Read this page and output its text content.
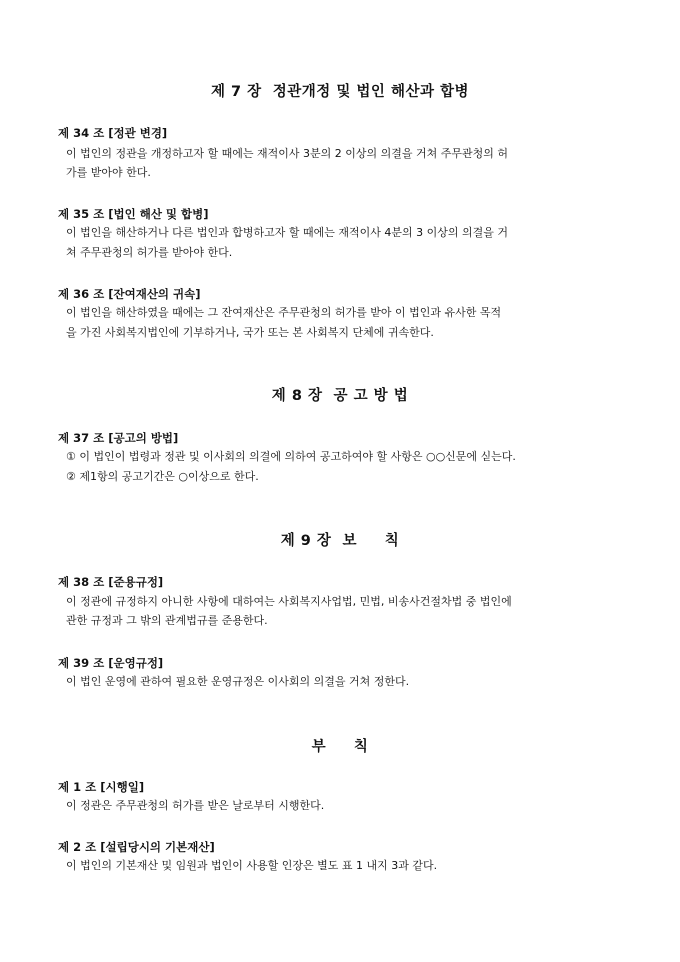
제 7 장  정관개정 및 법인 해산과 합병
제 34 조 [정관 변경]
이 법인의 정관을 개정하고자 할 때에는 재적이사 3분의 2 이상의 의결을 거쳐 주무관청의 허
가를 받아야 한다.
제 35 조 [법인 해산 및 합병]
이 법인을 해산하거나 다른 법인과 합병하고자 할 때에는 재적이사 4분의 3 이상의 의결을 거
쳐 주무관청의 허가를 받아야 한다.
제 36 조 [잔여재산의 귀속]
이 법인을 해산하였을 때에는 그 잔여재산은 주무관청의 허가를 받아 이 법인과 유사한 목적
을 가진 사회복지법인에 기부하거나, 국가 또는 본 사회복지 단체에 귀속한다.
제 8 장  공 고 방 법
제 37 조 [공고의 방법]
① 이 법인이 법령과 정관 및 이사회의 의결에 의하여 공고하여야 할 사항은 ○○신문에 싣는다.
② 제1항의 공고기간은 ○이상으로 한다.
제 9 장  보     칙
제 38 조 [준용규정]
이 정관에 규정하지 아니한 사항에 대하여는 사회복지사업법, 민법, 비송사건절차법 중 법인에
관한 규정과 그 밖의 관계법규를 준용한다.
제 39 조 [운영규정]
이 법인 운영에 관하여 필요한 운영규정은 이사회의 의결을 거쳐 정한다.
부     칙
제 1 조 [시행일]
이 정관은 주무관청의 허가를 받은 날로부터 시행한다.
제 2 조 [설립당시의 기본재산]
이 법인의 기본재산 및 임원과 법인이 사용할 인장은 별도 표 1 내지 3과 같다.
